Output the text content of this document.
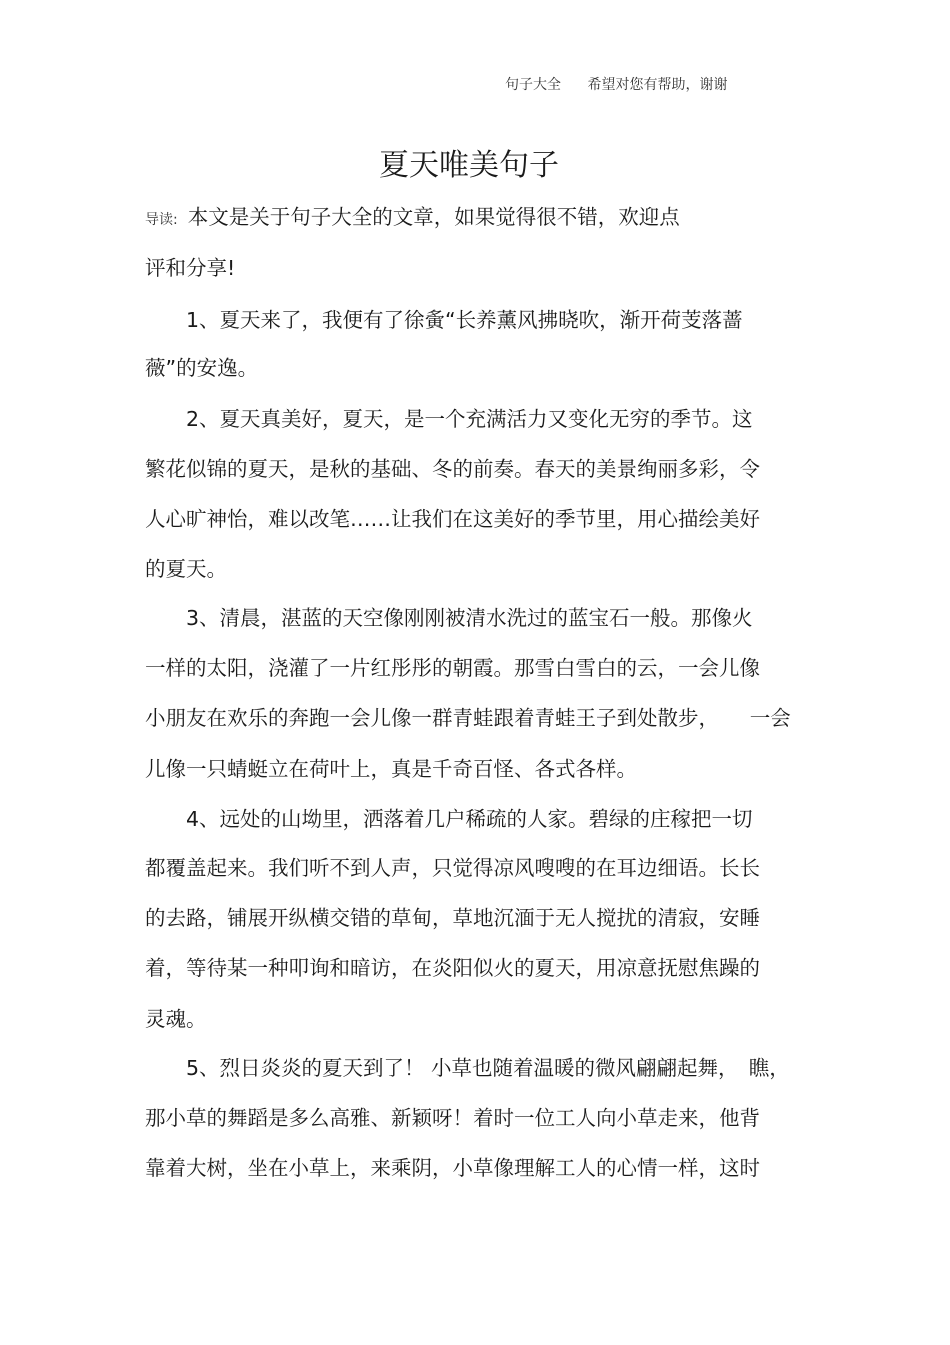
句子大全 希望对您有帮助，谢谢
夏天唯美句子
导读: 本文是关于句子大全的文章，如果觉得很不错，欢迎点
评和分享!
1、夏天来了，我便有了徐夤“长养薰风拂晓吹，渐开荷芰落蔷
薇”的安逸。
2、夏天真美好，夏天，是一个充满活力又变化无穷的季节。这
繁花似锦的夏天，是秋的基础、冬的前奏。春天的美景绚丽多彩，令
人心旷神怡，难以改笔……让我们在这美好的季节里，用心描绘美好
的夏天。
3、清晨，湛蓝的天空像刚刚被清水洗过的蓝宝石一般。那像火
一样的太阳，浇灌了一片红彤彤的朝霞。那雪白雪白的云，一会儿像
小朋友在欢乐的奔跑一会儿像一群青蛙跟着青蛙王子到处散步，　　一会
儿像一只蜻蜓立在荷叶上，真是千奇百怪、各式各样。
4、远处的山坳里，洒落着几户稀疏的人家。碧绿的庄稼把一切
都覆盖起来。我们听不到人声，只觉得凉风嗖嗖的在耳边细语。长长
的去路，铺展开纵横交错的草甸，草地沉湎于无人搅扰的清寂，安睡
着，等待某一种叩询和暗访，在炎阳似火的夏天，用凉意抚慰焦躁的
灵魂。
5、烈日炎炎的夏天到了！ 小草也随着温暖的微风翩翩起舞，　瞧，
那小草的舞蹈是多么高雅、新颖呀！着时一位工人向小草走来，他背
靠着大树，坐在小草上，来乘阴，小草像理解工人的心情一样，这时
